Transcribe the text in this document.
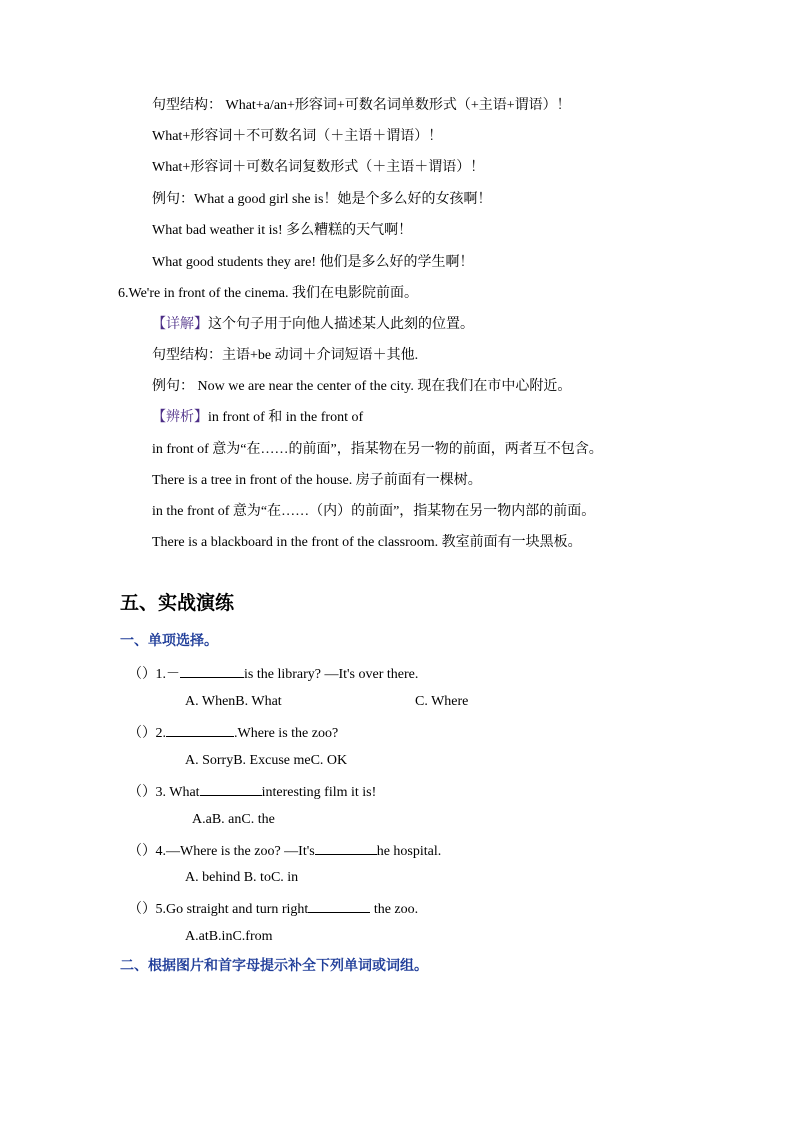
句型结构： What+a/an+形容词+可数名词单数形式（+主语+谓语）！
What+形容词＋不可数名词（＋主语＋谓语）！
What+形容词＋可数名词复数形式（＋主语＋谓语）！
例句：What a good girl she is！她是个多么好的女孩啊！
What bad weather it is! 多么糟糕的天气啊！
What good students they are! 他们是多么好的学生啊！
6.We're in front of the cinema. 我们在电影院前面。
【详解】这个句子用于向他人描述某人此刻的位置。
句型结构：主语+be 动词＋介词短语＋其他.
例句： Now we are near the center of the city. 现在我们在市中心附近。
【辨析】in front of 和 in the front of
in front of 意为“在……的前面”，指某物在另一物的前面，两者互不包含。
There is a tree in front of the house. 房子前面有一棵树。
in the front of 意为“在……（内）的前面”，指某物在另一物内部的前面。
There is a blackboard in the front of the classroom. 教室前面有一块黑板。
五、实战演练
一、单项选择。
（） 1.－	is the library? —It's over there.
A. WhenB. What	C. Where
（） 2.	.Where is the zoo?
A. SorryB. Excuse meC. OK
（） 3. What	interesting film it is!
A.aB. anC. the
（） 4.—Where is the zoo? —It's	he hospital.
A. behind B. toC. in
（） 5.Go straight and turn right	the zoo.
A.atB.inC.from
二、根据图片和首字母提示补全下列单词或词组。
